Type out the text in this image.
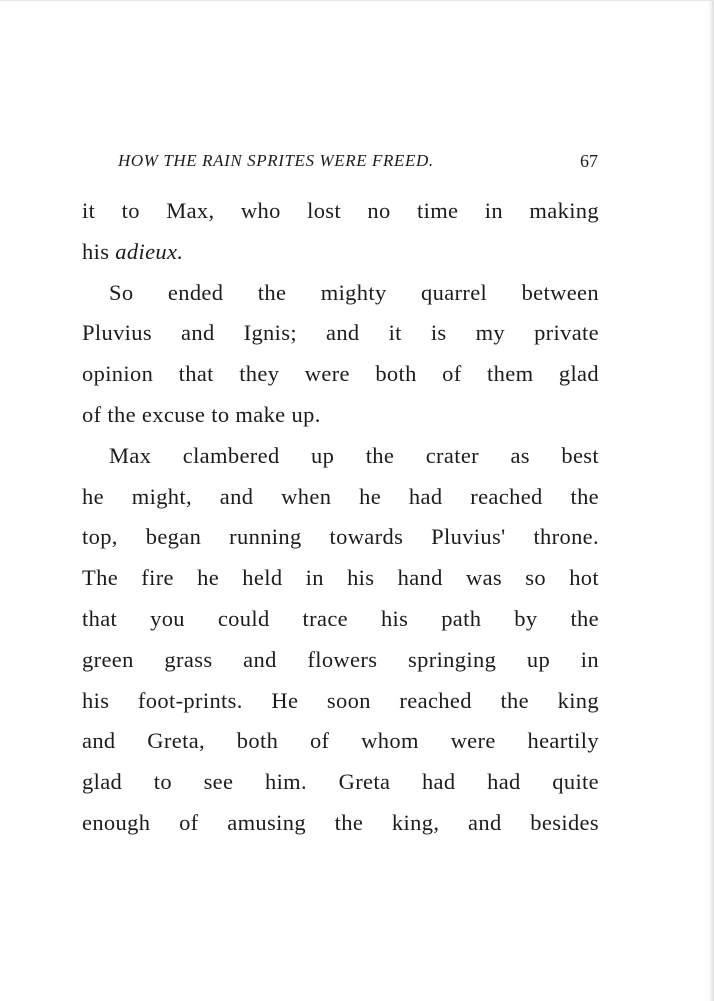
HOW THE RAIN SPRITES WERE FREED.	67
it to Max, who lost no time in making
his adieux.
So ended the mighty quarrel between
Pluvius and Ignis; and it is my private
opinion that they were both of them glad
of the excuse to make up.
Max clambered up the crater as best
he might, and when he had reached the
top, began running towards Pluvius' throne.
The fire he held in his hand was so hot
that you could trace his path by the
green grass and flowers springing up in
his foot-prints. He soon reached the king
and Greta, both of whom were heartily
glad to see him. Greta had had quite
enough of amusing the king, and besides
